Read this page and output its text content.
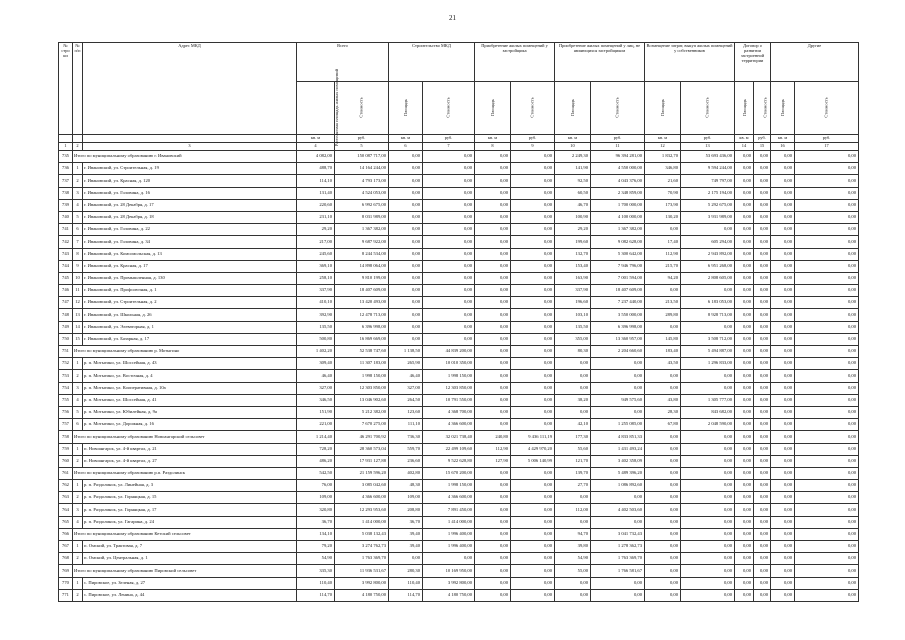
21
№ стро ки	№ п/п	Адрес МКД	Всего		Строительство МКД		Приобретение жилых помещений у застройщика		Приобретение жилых помещений у лиц, не являющихся застройщиком		Возмещение затрат, выкуп жилых помещений у собственников		Договор о развитии застроенной территории		Другие	
			Расселяемая площадь жилых помещений	Стоимость	Площадь	Стоимость	Площадь	Стоимость	Площадь	Стоимость	Площадь	Стоимость	Площадь	Стоимость	Площадь	Стоимость
			кв. м	руб.	кв. м	руб.	кв. м	руб.	кв. м	руб.	кв. м	руб.	кв. м	руб.	кв. м	руб.
1	2	3	4	5	6	7	8	9	10	11	12	13	14	15	16	17
735	Итого по муниципальному образованию г. Ивановский		4 082,00	150 087 717,00	0,00	0,00	0,00	0,00	2 249,30	96 394 281,00	1 832,70	53 693 436,00	0,00	0,00	0,00	0,00
736	1	г. Ивановский, ул. Строительная, д. 19	488,70	14 164 244,00	0,00	0,00	0,00	0,00	141,90	4 550 000,00	346,80	9 594 244,00	0,00	0,00	0,00	0,00
737	2	г. Ивановский, ул. Красная, д. 120	114,10	4 793 173,00	0,00	0,00	0,00	0,00	92,50	4 043 376,00	21,60	749 797,00	0,00	0,00	0,00	0,00
738	3	г. Ивановский, ул. Головина, д. 16	131,40	4 524 053,00	0,00	0,00	0,00	0,00	60,50	2 348 859,00	70,90	2 175 194,00	0,00	0,00	0,00	0,00
739	4	г. Ивановский, ул. 28 Декабря, д. 17	220,60	6 992 675,00	0,00	0,00	0,00	0,00	46,70	1 700 000,00	173,90	5 292 675,00	0,00	0,00	0,00	0,00
740	5	г. Ивановский, ул. 28 Декабря, д. 18	231,10	8 031 989,00	0,00	0,00	0,00	0,00	100,90	4 100 000,00	130,20	3 931 989,00	0,00	0,00	0,00	0,00
741	6	г. Ивановский, ул. Головина, д. 22	29,20	1 367 382,00	0,00	0,00	0,00	0,00	29,20	1 367 382,00	0,00	0,00	0,00	0,00	0,00	0,00
742	7	г. Ивановский, ул. Головина, д. 34	217,00	9 687 922,00	0,00	0,00	0,00	0,00	199,60	9 082 628,00	17,40	605 294,00	0,00	0,00	0,00	0,00
743	8	г. Ивановский, ул. Комсомольская, д. 13	245,60	8 244 534,00	0,00	0,00	0,00	0,00	132,70	5 300 642,00	112,90	2 943 892,00	0,00	0,00	0,00	0,00
744	9	г. Ивановский, ул. Красная, д. 17	369,10	14 898 064,00	0,00	0,00	0,00	0,00	153,40	7 946 796,00	215,70	6 951 268,00	0,00	0,00	0,00	0,00
745	10	г. Ивановский, ул. Промышленная, д. 130	258,10	9 810 199,00	0,00	0,00	0,00	0,00	163,90	7 001 594,00	94,20	2 808 605,00	0,00	0,00	0,00	0,00
746	11	г. Ивановский, ул. Профсоюзная, д. 1	337,90	18 407 609,00	0,00	0,00	0,00	0,00	337,90	18 407 609,00	0,00	0,00	0,00	0,00	0,00	0,00
747	12	г. Ивановский, ул. Строительная, д. 2	410,10	13 420 493,00	0,00	0,00	0,00	0,00	196,60	7 237 440,00	213,50	6 183 053,00	0,00	0,00	0,00	0,00
748	13	г. Ивановский, ул. Школьная, д. 26	392,90	12 478 713,00	0,00	0,00	0,00	0,00	103,10	3 550 000,00	289,80	8 928 713,00	0,00	0,00	0,00	0,00
749	14	г. Ивановский, ул. Элеваторная, д. 1	135,50	6 396 998,00	0,00	0,00	0,00	0,00	135,50	6 396 998,00	0,00	0,00	0,00	0,00	0,00	0,00
750	15	г. Ивановский, ул. Базарная, д. 17	500,80	16 869 669,00	0,00	0,00	0,00	0,00	355,00	13 360 957,00	145,80	3 508 712,00	0,00	0,00	0,00	0,00
751	Итого по муниципальному образованию р. Мотыгино		1 402,20	52 538 747,60	1 138,50	44 839 200,00	0,00	0,00	80,30	2 204 660,60	183,40	5 494 887,00	0,00	0,00	0,00	0,00
752	1	р. п. Мотыгино, ул. Шоссейная, д. 43	309,40	11 307 183,00	265,90	10 010 350,00	0,00	0,00	0,00	0,00	43,50	1 296 833,00	0,00	0,00	0,00	0,00
753	2	р. п. Мотыгино, ул. Восточная, д. 4	46,40	1 998 150,00	46,40	1 998 150,00	0,00	0,00	0,00	0,00	0,00	0,00	0,00	0,00	0,00	0,00
754	3	р. п. Мотыгино, ул. Кооперативная, д. 10а	327,00	12 303 850,00	327,00	12 303 850,00	0,00	0,00	0,00	0,00	0,00	0,00	0,00	0,00	0,00	0,00
755	4	р. п. Мотыгино, ул. Шоссейная, д. 41	346,50	13 046 902,60	264,50	10 791 550,00	0,00	0,00	38,20	949 575,60	43,80	1 305 777,00	0,00	0,00	0,00	0,00
756	5	р. п. Мотыгино, ул. Юбилейная, д. 9а	151,90	5 212 382,00	123,60	4 368 700,00	0,00	0,00	0,00	0,00	28,30	843 682,00	0,00	0,00	0,00	0,00
757	6	р. п. Мотыгино, ул. Дорожная, д. 16	221,00	7 670 275,00	111,10	4 366 600,00	0,00	0,00	42,10	1 255 085,00	67,80	2 048 590,00	0,00	0,00	0,00	0,00
758	Итого по муниципальному образованию Новоангарский сельсовет		1 214,40	46 291 700,92	736,30	32 021 738,40	240,80	9 436 111,19	177,30	4 833 851,33	0,00	0,00	0,00	0,00	0,00	0,00
759	1	п. Новоангарск, ул. 4-й квартал, д. 21	728,20	28 360 573,04	559,70	22 499 109,60	112,90	4 429 970,20	55,60	1 431 493,24	0,00	0,00	0,00	0,00	0,00	0,00
760	2	п. Новоангарск, ул. 4-й квартал, д. 27	486,20	17 931 127,88	236,60	9 522 628,80	127,90	5 006 140,99	121,70	3 402 358,09	0,00	0,00	0,00	0,00	0,00	0,00
761	Итого по муниципальному образованию р.п. Раздолинск		542,50	21 159 596,20	402,80	15 670 200,00	0,00	0,00	139,70	5 489 396,20	0,00	0,00	0,00	0,00	0,00	0,00
762	1	р. п. Раздолинск, ул. Линейная, д. 3	76,00	3 085 042,60	48,30	1 998 150,00	0,00	0,00	27,70	1 086 892,60	0,00	0,00	0,00	0,00	0,00	0,00
763	2	р. п. Раздолинск, ул. Горняцкая, д. 15	109,00	4 366 600,00	109,00	4 366 600,00	0,00	0,00	0,00	0,00	0,00	0,00	0,00	0,00	0,00	0,00
764	3	р. п. Раздолинск, ул. Горняцкая, д. 17	320,80	12 293 953,60	208,80	7 891 450,00	0,00	0,00	112,00	4 402 503,60	0,00	0,00	0,00	0,00	0,00	0,00
765	4	р. п. Раздолинск, ул. Гагарина, д. 24	36,70	1 414 000,00	36,70	1 414 000,00	0,00	0,00	0,00	0,00	0,00	0,00	0,00	0,00	0,00	0,00
766	Итого по муниципальному образованию Кетский сельсовет		134,10	5 038 132,43	39,40	1 996 400,00	0,00	0,00	94,70	3 041 732,43	0,00	0,00	0,00	0,00	0,00	0,00
767	1	п. Омский, ул. Трактовая, д. 7	79,20	3 274 762,73	39,40	1 996 400,00	0,00	0,00	39,80	1 278 362,73	0,00	0,00	0,00	0,00	0,00	0,00
768	2	п. Омский, ул. Центральная, д. 1	54,90	1 763 369,70	0,00	0,00	0,00	0,00	54,90	1 763 369,70	0,00	0,00	0,00	0,00	0,00	0,00
769	Итого по муниципальному образованию Пировский сельсовет		335,30	11 936 531,67	280,30	10 169 950,00	0,00	0,00	55,00	1 766 581,67	0,00	0,00	0,00	0,00	0,00	0,00
770	1	с. Пировское, ул. Зеленая, д. 27	110,40	3 992 800,00	110,40	3 992 800,00	0,00	0,00	0,00	0,00	0,00	0,00	0,00	0,00	0,00	0,00
771	2	с. Пировское, ул. Ленина, д. 44	114,70	4 180 750,00	114,70	4 180 750,00	0,00	0,00	0,00	0,00	0,00	0,00	0,00	0,00	0,00	0,00
